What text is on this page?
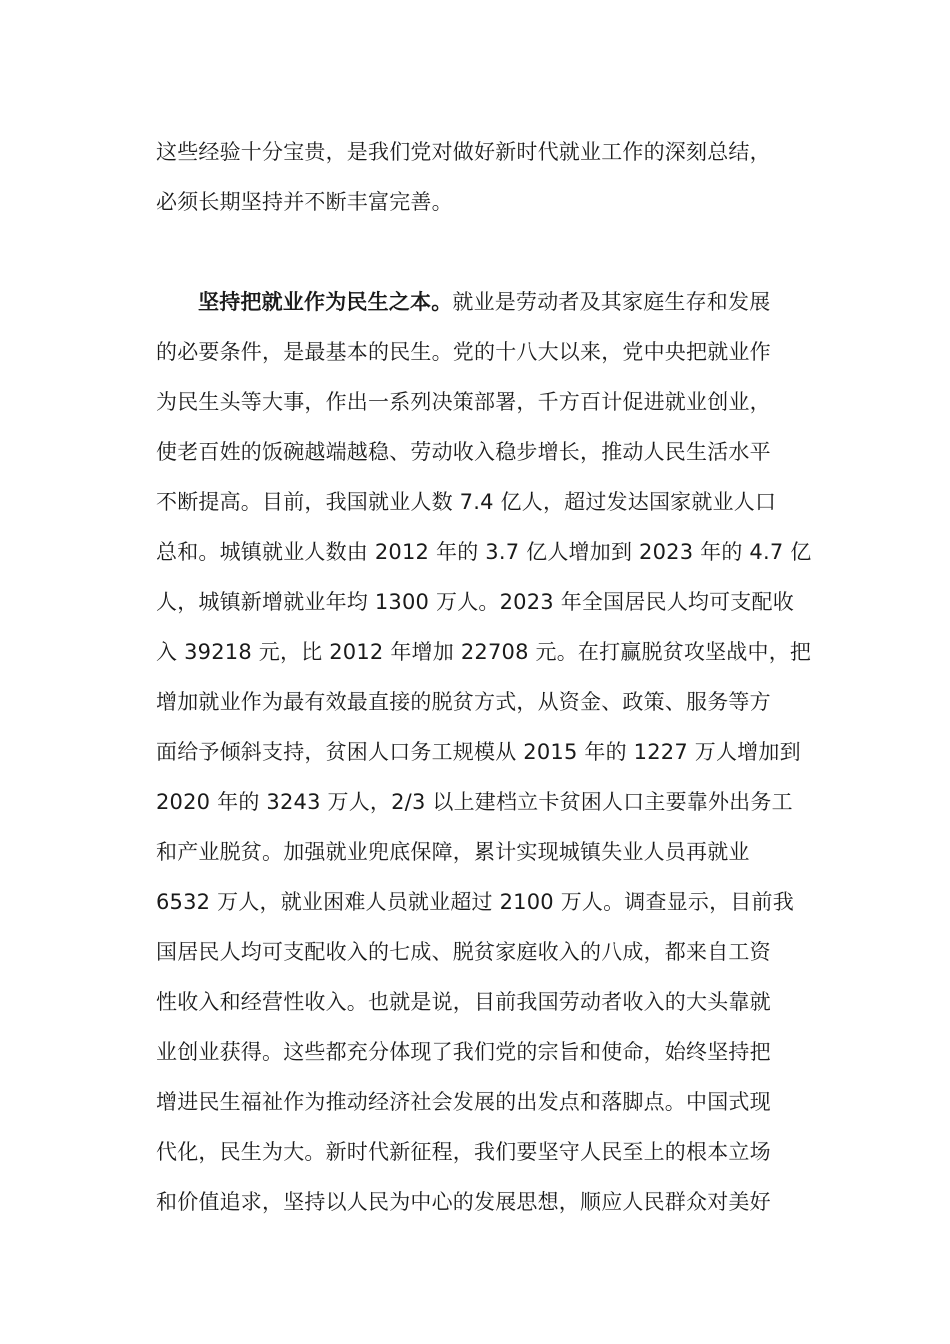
这些经验十分宝贵，是我们党对做好新时代就业工作的深刻总结，
必须长期坚持并不断丰富完善。
坚持把就业作为民生之本。就业是劳动者及其家庭生存和发展
的必要条件，是最基本的民生。党的十八大以来，党中央把就业作
为民生头等大事，作出一系列决策部署，千方百计促进就业创业，
使老百姓的饭碗越端越稳、劳动收入稳步增长，推动人民生活水平
不断提高。目前，我国就业人数 7.4 亿人，超过发达国家就业人口
总和。城镇就业人数由 2012 年的 3.7 亿人增加到 2023 年的 4.7 亿
人，城镇新增就业年均 1300 万人。2023 年全国居民人均可支配收
入 39218 元，比 2012 年增加 22708 元。在打赢脱贫攻坚战中，把
增加就业作为最有效最直接的脱贫方式，从资金、政策、服务等方
面给予倾斜支持，贫困人口务工规模从 2015 年的 1227 万人增加到
2020 年的 3243 万人，2/3 以上建档立卡贫困人口主要靠外出务工
和产业脱贫。加强就业兜底保障，累计实现城镇失业人员再就业
6532 万人，就业困难人员就业超过 2100 万人。调查显示，目前我
国居民人均可支配收入的七成、脱贫家庭收入的八成，都来自工资
性收入和经营性收入。也就是说，目前我国劳动者收入的大头靠就
业创业获得。这些都充分体现了我们党的宗旨和使命，始终坚持把
增进民生福祉作为推动经济社会发展的出发点和落脚点。中国式现
代化，民生为大。新时代新征程，我们要坚守人民至上的根本立场
和价值追求，坚持以人民为中心的发展思想，顺应人民群众对美好
